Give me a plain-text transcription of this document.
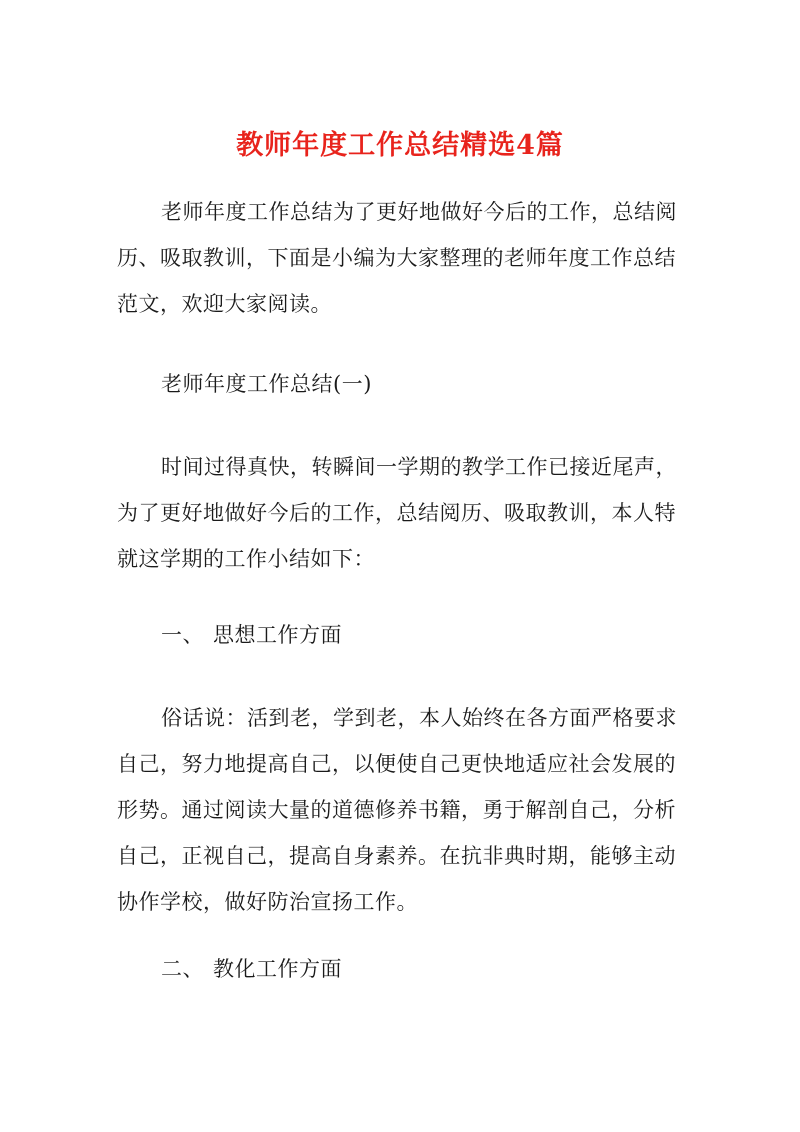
教师年度工作总结精选4篇
老师年度工作总结为了更好地做好今后的工作，总结阅
历、吸取教训，下面是小编为大家整理的老师年度工作总结
范文，欢迎大家阅读。
老师年度工作总结(一)
时间过得真快，转瞬间一学期的教学工作已接近尾声，
为了更好地做好今后的工作，总结阅历、吸取教训，本人特
就这学期的工作小结如下：
一、 思想工作方面
俗话说：活到老，学到老，本人始终在各方面严格要求
自己，努力地提高自己，以便使自己更快地适应社会发展的
形势。通过阅读大量的道德修养书籍，勇于解剖自己，分析
自己，正视自己，提高自身素养。在抗非典时期，能够主动
协作学校，做好防治宣扬工作。
二、 教化工作方面
